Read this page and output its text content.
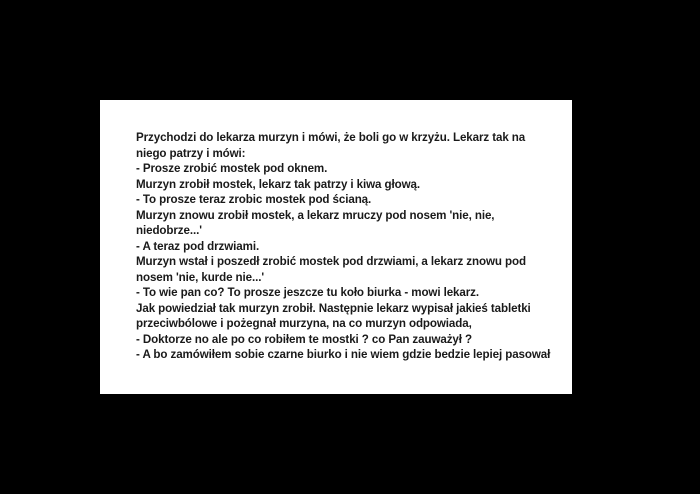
Przychodzi do lekarza murzyn i mówi, że boli go w krzyżu. Lekarz tak na
niego patrzy i mówi:
- Prosze zrobić mostek pod oknem.
Murzyn zrobił mostek, lekarz tak patrzy i kiwa głową.
- To prosze teraz zrobic mostek pod ścianą.
Murzyn znowu zrobił mostek, a lekarz mruczy pod nosem 'nie, nie,
niedobrze...'
- A teraz pod drzwiami.
Murzyn wstał i poszedł zrobić mostek pod drzwiami, a lekarz znowu pod
nosem 'nie, kurde nie...'
- To wie pan co? To prosze jeszcze tu koło biurka - mowi lekarz.
Jak powiedział tak murzyn zrobił. Następnie lekarz wypisał jakieś tabletki
przeciwbólowe i pożegnał murzyna, na co murzyn odpowiada,
- Doktorze no ale po co robiłem te mostki ? co Pan zauważył ?
- A bo zamówiłem sobie czarne biurko i nie wiem gdzie bedzie lepiej pasował
